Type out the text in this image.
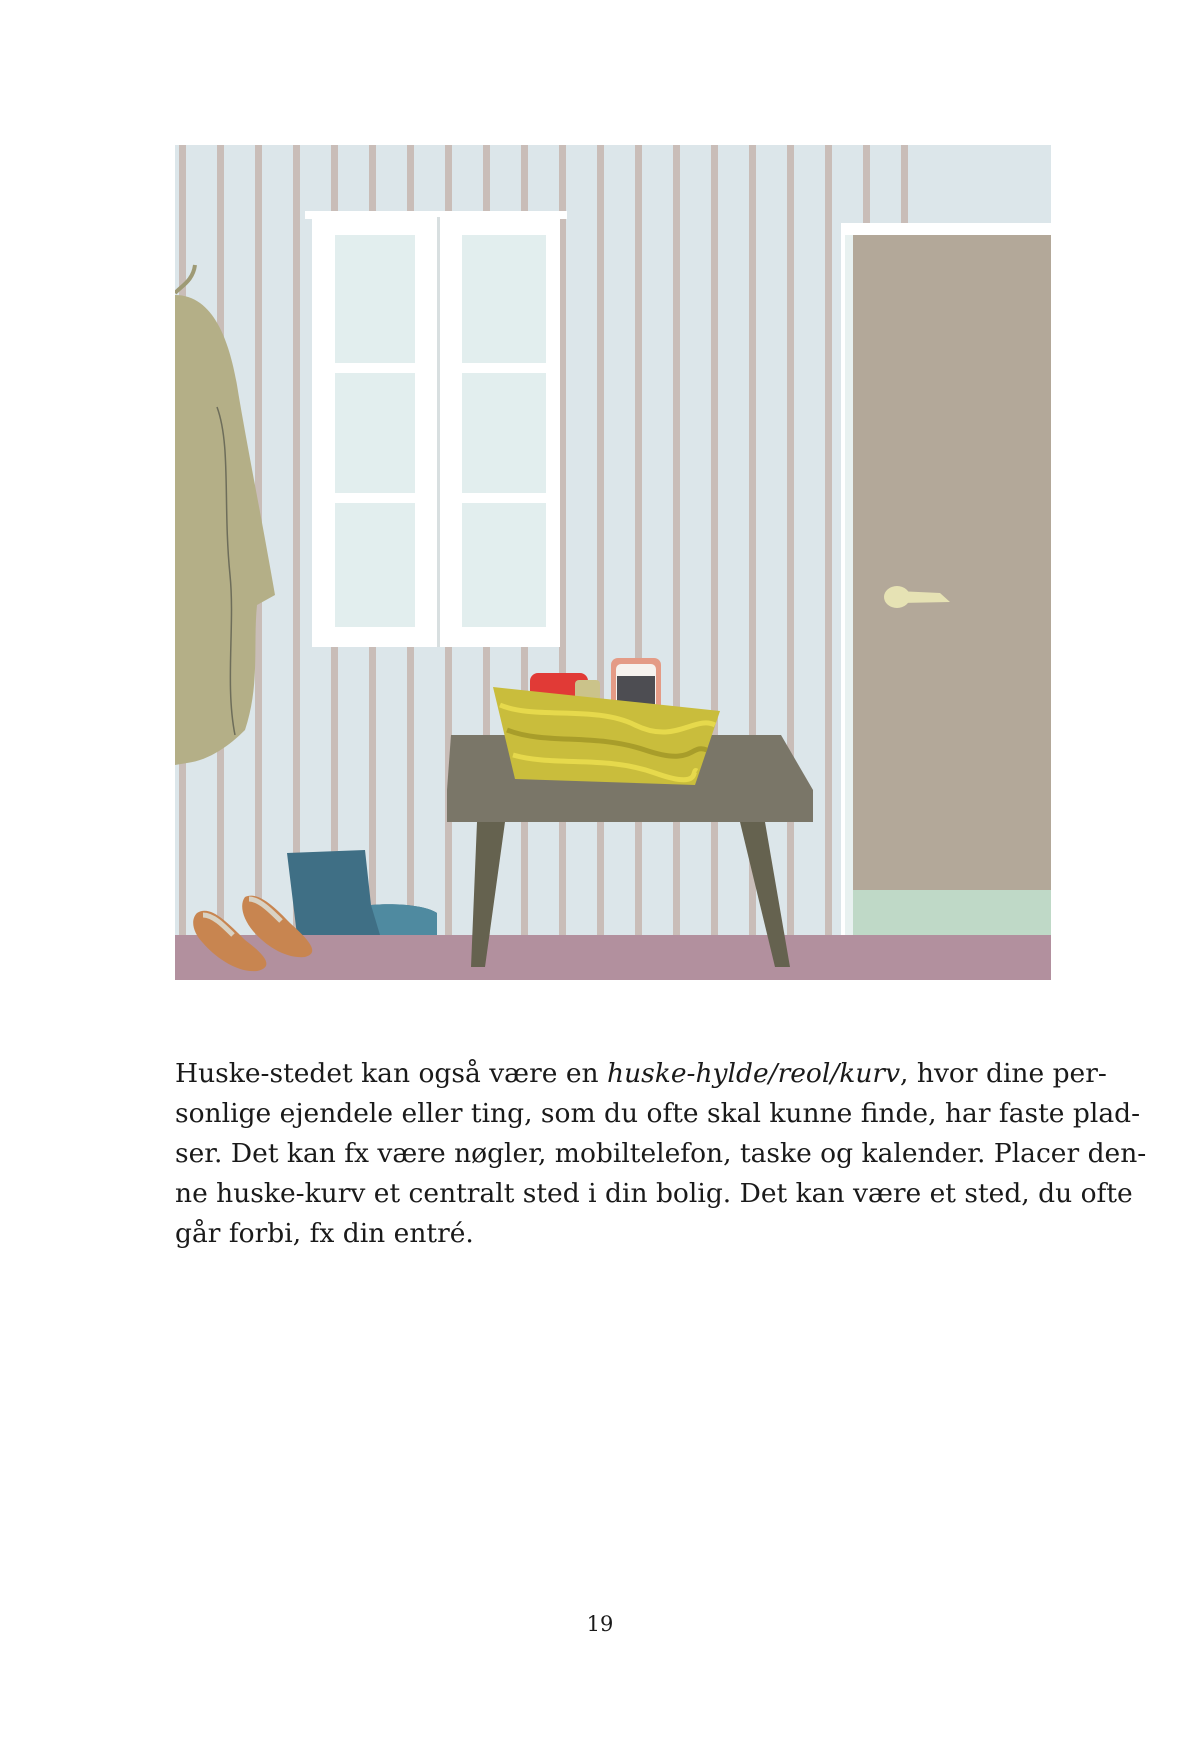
Huske-stedet kan også være en huske-hylde/reol/kurv, hvor dine per-
sonlige ejendele eller ting, som du ofte skal kunne finde, har faste plad-
ser. Det kan fx være nøgler, mobiltelefon, taske og kalender. Placer den-
ne huske-kurv et centralt sted i din bolig. Det kan være et sted, du ofte
går forbi, fx din entré.
19
